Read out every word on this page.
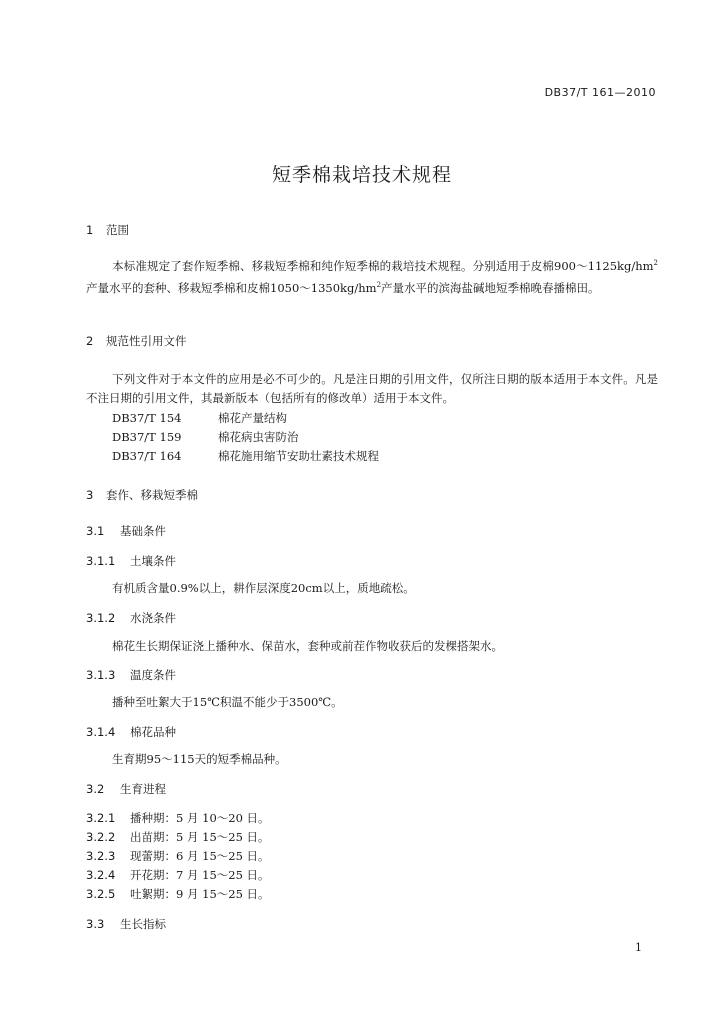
DB37/T 161—2010
短季棉栽培技术规程
1 范围
本标准规定了套作短季棉、移栽短季棉和纯作短季棉的栽培技术规程。分别适用于皮棉$900\sim 1125kg/hm^2$产量水平的套种、移栽短季棉和皮棉$1050\sim 1350kg/hm^2$产量水平的滨海盐碱地短季棉晚春播棉田。
2 规范性引用文件
下列文件对于本文件的应用是必不可少的。凡是注日期的引用文件，仅所注日期的版本适用于本文件。凡是不注日期的引用文件，其最新版本（包括所有的修改单）适用于本文件。
DB37/T 154	棉花产量结构
DB37/T 159	棉花病虫害防治
DB37/T 164	棉花施用缩节安助壮素技术规程
3 套作、移栽短季棉
3.1 基础条件
3.1.1 土壤条件
有机质含量0.9%以上，耕作层深度20cm以上，质地疏松。
3.1.2 水浇条件
棉花生长期保证浇上播种水、保苗水，套种或前茬作物收获后的发棵搭架水。
3.1.3 温度条件
播种至吐絮大于15℃积温不能少于3500℃。
3.1.4 棉花品种
生育期95～115天的短季棉品种。
3.2 生育进程
3.2.1 播种期：5 月 10～20 日。
3.2.2 出苗期：5 月 15～25 日。
3.2.3 现蕾期：6 月 15～25 日。
3.2.4 开花期：7 月 15～25 日。
3.2.5 吐絮期：9 月 15～25 日。
3.3 生长指标
1
